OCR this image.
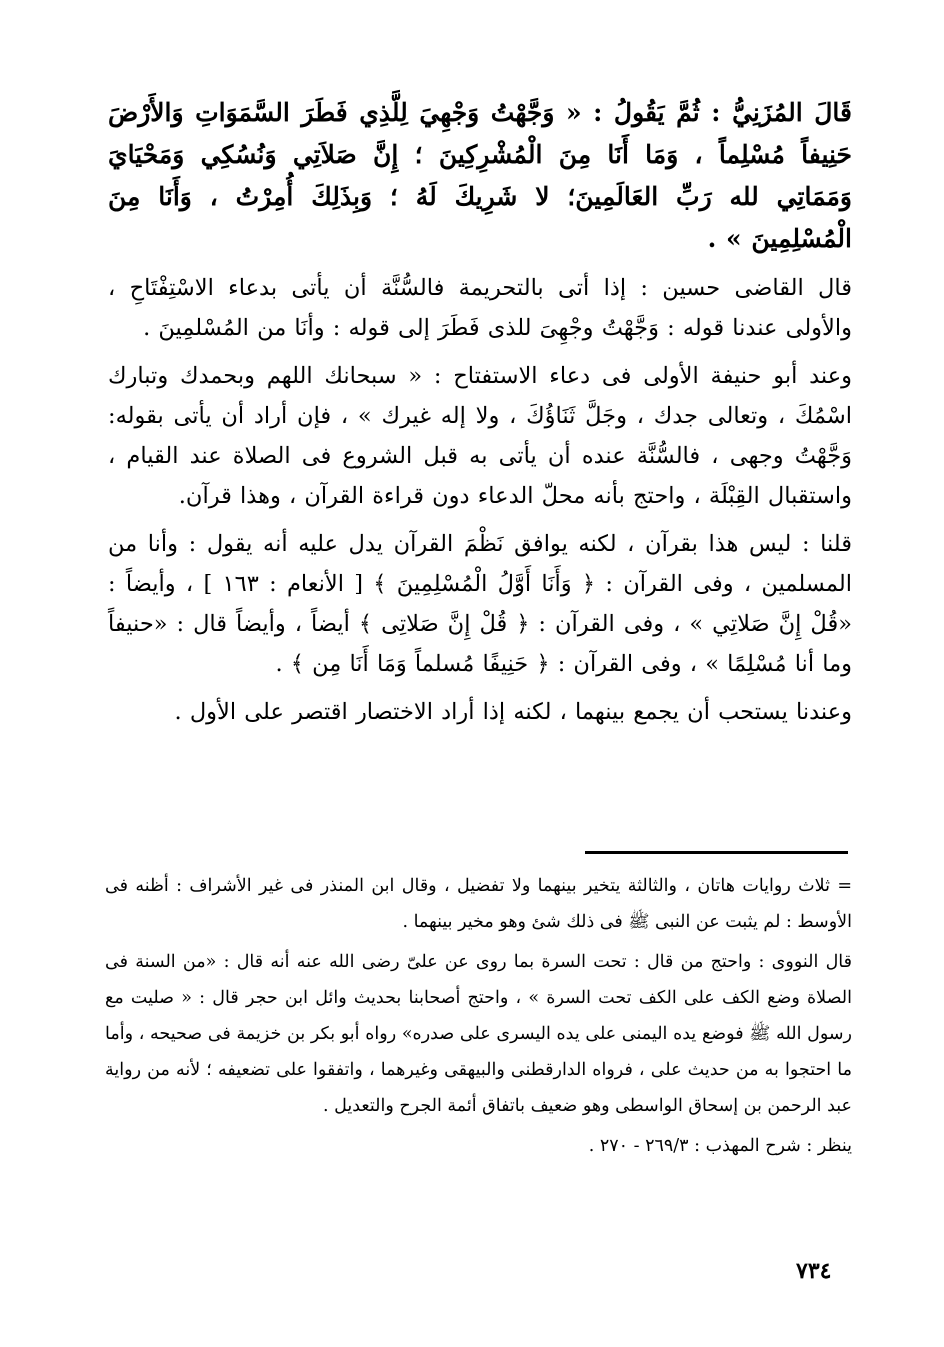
قَالَ المُزَنِيُّ : ثُمَّ يَقُولُ : « وَجَّهْتُ وَجْهِيَ لِلَّذِي فَطَرَ السَّمَوَاتِ وَالأَرْضَ حَنِيفاً مُسْلِماً ، وَمَا أَنَا مِنَ الْمُشْرِكِينَ ؛ إِنَّ صَلاَتِي وَنُسُكِي وَمَحْيَايَ وَمَمَاتِي لله رَبِّ العَالَمِينَ؛ لا شَرِيكَ لَهُ ؛ وَبِذَلِكَ أُمِرْتُ ، وَأَنَا مِنَ الْمُسْلِمِينَ » .

قال القاضى حسين : إذا أتى بالتحريمة فالسُّنَّة أن يأتى بدعاء الاسْتِفْتَاحِ ، والأولى عندنا قوله : وَجَّهْتُ وجْهِىَ للذى فَطَرَ إلى قوله : وأنَا من المُسْلمِينَ .

وعند أبو حنيفة الأولى فى دعاء الاستفتاح : « سبحانك اللهم وبحمدك وتبارك اسْمُكَ ، وتعالى جدك ، وجَلَّ ثَنَاؤُكَ ، ولا إله غيرك » ، فإن أراد أن يأتى بقوله: وَجَّهْتُ وجهى ، فالسُّنَّة عنده أن يأتى به قبل الشروع فى الصلاة عند القيام ، واستقبال القِبْلَة ، واحتج بأنه محلّ الدعاء دون قراءة القرآن ، وهذا قرآن.

قلنا : ليس هذا بقرآن ، لكنه يوافق نَظْمَ القرآن يدل عليه أنه يقول : وأنا من المسلمين ، وفى القرآن : ﴿ وَأَنَا أَوَّلُ الْمُسْلِمِينَ ﴾ [ الأنعام : ١٦٣ ] ، وأيضاً : «قُلْ إِنَّ صَلاتِي » ، وفى القرآن : ﴿ قُلْ إِنَّ صَلاتِى ﴾ أيضاً ، وأيضاً قال : «حنيفاً وما أنا مُسْلِمًا » ، وفى القرآن : ﴿ حَنِيفًا مُسلماً وَمَا أَنَا مِن ﴾ .

وعندنا يستحب أن يجمع بينهما ، لكنه إذا أراد الاختصار اقتصر على الأول .

= ثلاث روايات هاتان ، والثالثة يتخير بينهما ولا تفضيل ، وقال ابن المنذر فى غير الأشراف : أظنه فى الأوسط : لم يثبت عن النبى ﷺ فى ذلك شئ وهو مخير بينهما .

قال النووى : واحتج من قال : تحت السرة بما روى عن علىّ رضى الله عنه أنه قال : «من السنة فى الصلاة وضع الكف على الكف تحت السرة » ، واحتج أصحابنا بحديث وائل ابن حجر قال : « صليت مع رسول الله ﷺ فوضع يده اليمنى على يده اليسرى على صدره» رواه أبو بكر بن خزيمة فى صحيحه ، وأما ما احتجوا به من حديث على ، فرواه الدارقطنى والبيهقى وغيرهما ، واتفقوا على تضعيفه ؛ لأنه من رواية عبد الرحمن بن إسحاق الواسطى وهو ضعيف باتفاق أئمة الجرح والتعديل .

ينظر : شرح المهذب : ٢٦٩/٣ - ٢٧٠ .

٧٣٤
